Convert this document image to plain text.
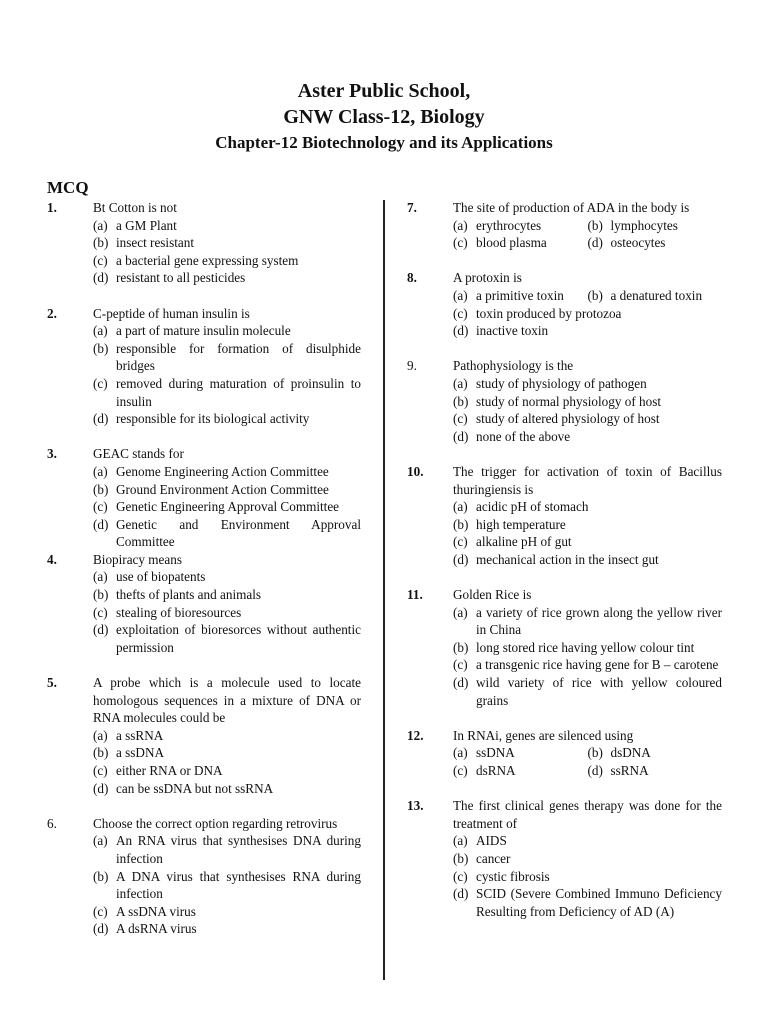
Aster Public School,
GNW Class-12, Biology
Chapter-12 Biotechnology and its Applications
MCQ
1.	Bt Cotton is not
(a) a GM Plant
(b) insect resistant
(c) a bacterial gene expressing system
(d) resistant to all pesticides
2.	C-peptide of human insulin is
(a) a part of mature insulin molecule
(b) responsible for formation of disulphide bridges
(c) removed during maturation of proinsulin to insulin
(d) responsible for its biological activity
3.	GEAC stands for
(a) Genome Engineering Action Committee
(b) Ground Environment Action Committee
(c) Genetic Engineering Approval Committee
(d) Genetic and Environment Approval Committee
4.	Biopiracy means
(a) use of biopatents
(b) thefts of plants and animals
(c) stealing of bioresources
(d) exploitation of bioresorces without authentic permission
5.	A probe which is a molecule used to locate homologous sequences in a mixture of DNA or RNA molecules could be
(a) a ssRNA
(b) a ssDNA
(c) either RNA or DNA
(d) can be ssDNA but not ssRNA
6.	Choose the correct option regarding retrovirus
(a) An RNA virus that synthesises DNA during infection
(b) A DNA virus that synthesises RNA during infection
(c) A ssDNA virus
(d) A dsRNA virus
7.	The site of production of ADA in the body is
(a) erythrocytes	(b) lymphocytes
(c) blood plasma	(d) osteocytes
8.	A protoxin is
(a) a primitive toxin	(b) a denatured toxin
(c) toxin produced by protozoa
(d) inactive toxin
9.	Pathophysiology is the
(a) study of physiology of pathogen
(b) study of normal physiology of host
(c) study of altered physiology of host
(d) none of the above
10.	The trigger for activation of toxin of Bacillus thuringiensis is
(a) acidic pH of stomach
(b) high temperature
(c) alkaline pH of gut
(d) mechanical action in the insect gut
11.	Golden Rice is
(a) a variety of rice grown along the yellow river in China
(b) long stored rice having yellow colour tint
(c) a transgenic rice having gene for B – carotene
(d) wild variety of rice with yellow coloured grains
12.	In RNAi, genes are silenced using
(a) ssDNA	(b) dsDNA
(c) dsRNA	(d) ssRNA
13.	The first clinical genes therapy was done for the treatment of
(a) AIDS
(b) cancer
(c) cystic fibrosis
(d) SCID (Severe Combined Immuno Deficiency Resulting from Deficiency of AD (A)
